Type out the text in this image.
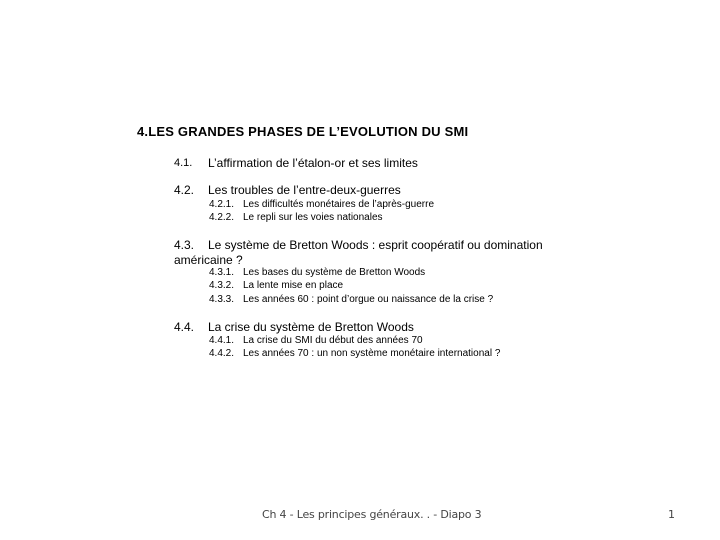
4.LES GRANDES PHASES DE L’EVOLUTION DU SMI
4.1. L’affirmation de l’étalon-or et ses limites
4.2. Les troubles de l’entre-deux-guerres
4.2.1. Les difficultés monétaires de l’après-guerre
4.2.2. Le repli sur les voies nationales
4.3. Le système de Bretton Woods : esprit coopératif ou domination
américaine ?
4.3.1. Les bases du système de Bretton Woods
4.3.2. La lente mise en place
4.3.3. Les années 60 : point d’orgue ou naissance de la crise ?
4.4. La crise du système de Bretton Woods
4.4.1. La crise du SMI du début des années 70
4.4.2. Les années 70 : un non système monétaire international ?
Ch 4 - Les principes généraux. . - Diapo 3	1
